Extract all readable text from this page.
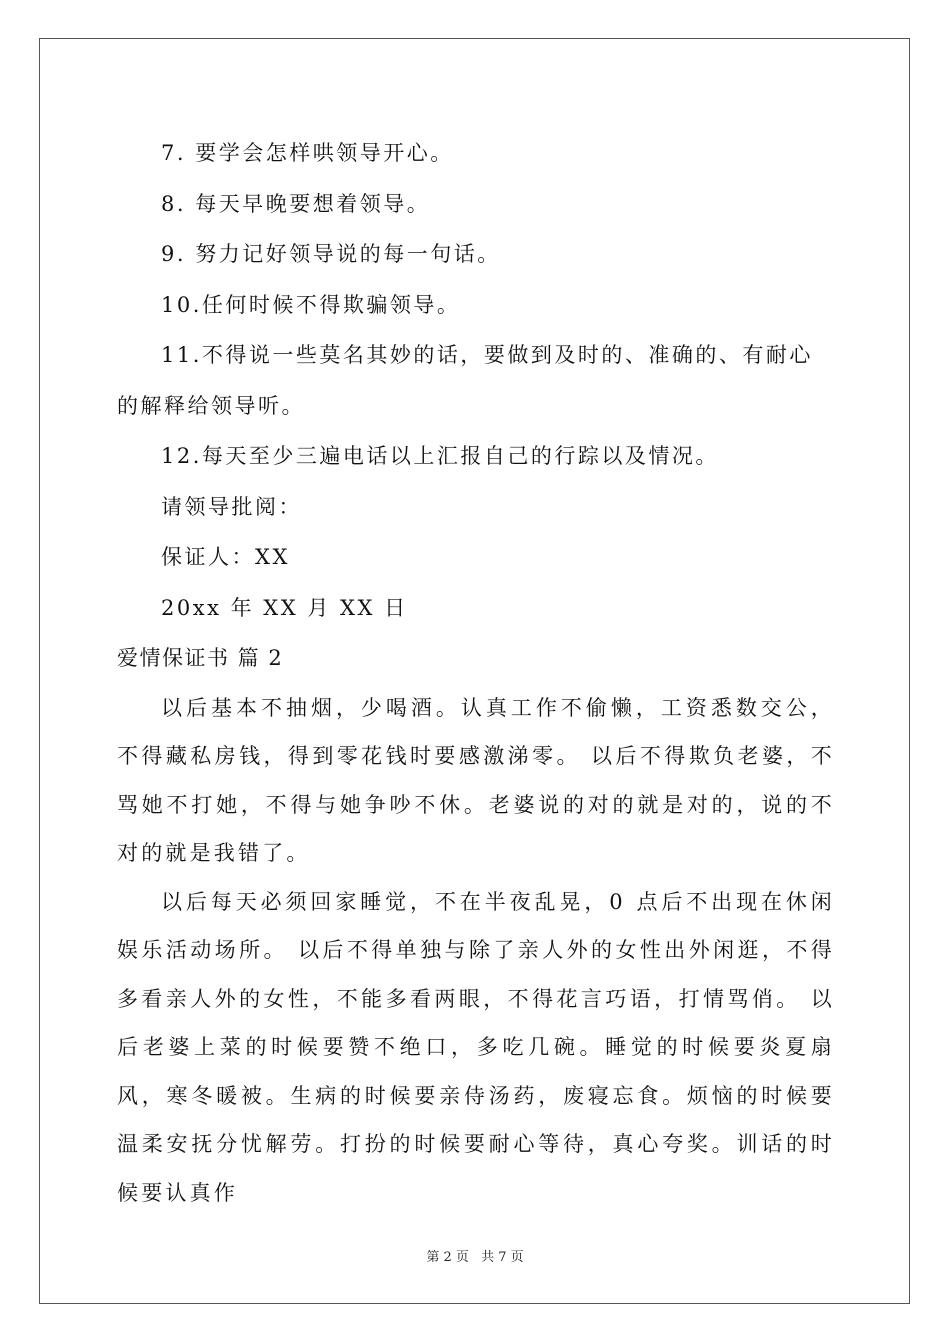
7. 要学会怎样哄领导开心。
8. 每天早晚要想着领导。
9. 努力记好领导说的每一句话。
10.任何时候不得欺骗领导。
11.不得说一些莫名其妙的话，要做到及时的、准确的、有耐心
的解释给领导听。
12.每天至少三遍电话以上汇报自己的行踪以及情况。
请领导批阅：
保证人：XX
20xx 年 XX 月 XX 日
爱情保证书 篇 2

以后基本不抽烟，少喝酒。认真工作不偷懒，工资悉数交公，不得藏私房钱，得到零花钱时要感激涕零。 以后不得欺负老婆，不骂她不打她，不得与她争吵不休。老婆说的对的就是对的，说的不对的就是我错了。

以后每天必须回家睡觉，不在半夜乱晃，0 点后不出现在休闲娱乐活动场所。 以后不得单独与除了亲人外的女性出外闲逛，不得多看亲人外的女性，不能多看两眼，不得花言巧语，打情骂俏。 以后老婆上菜的时候要赞不绝口，多吃几碗。睡觉的时候要炎夏扇风，寒冬暖被。生病的时候要亲侍汤药，废寝忘食。烦恼的时候要温柔安抚分忧解劳。打扮的时候要耐心等待，真心夸奖。训话的时候要认真作

第 2 页 共 7 页
